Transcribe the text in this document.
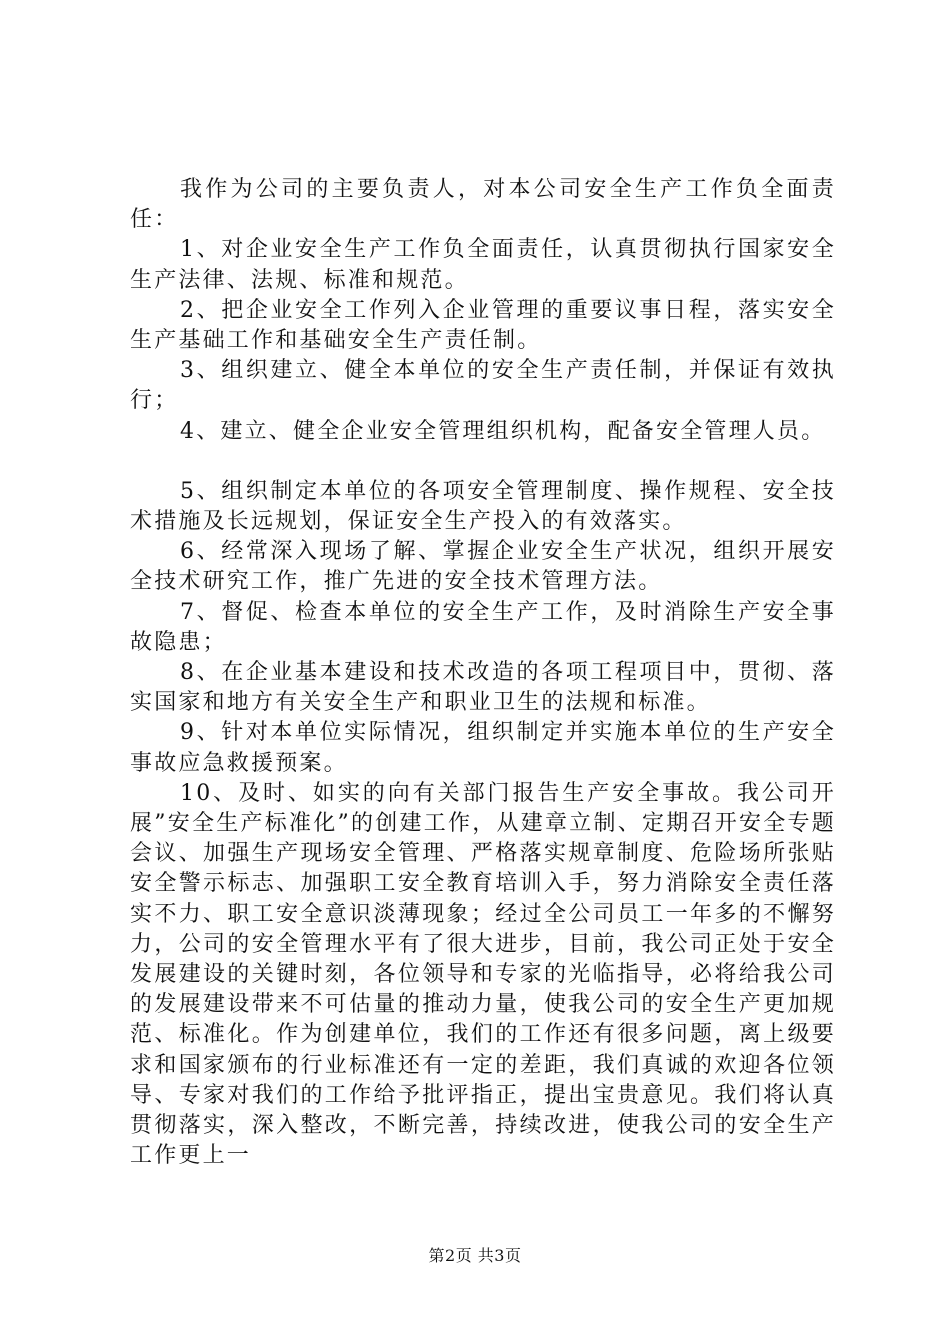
我作为公司的主要负责人，对本公司安全生产工作负全面责任：

1、对企业安全生产工作负全面责任，认真贯彻执行国家安全生产法律、法规、标准和规范。

2、把企业安全工作列入企业管理的重要议事日程，落实安全生产基础工作和基础安全生产责任制。

3、组织建立、健全本单位的安全生产责任制，并保证有效执行；

4、建立、健全企业安全管理组织机构，配备安全管理人员。

5、组织制定本单位的各项安全管理制度、操作规程、安全技术措施及长远规划，保证安全生产投入的有效落实。

6、经常深入现场了解、掌握企业安全生产状况，组织开展安全技术研究工作，推广先进的安全技术管理方法。

7、督促、检查本单位的安全生产工作，及时消除生产安全事故隐患；

8、在企业基本建设和技术改造的各项工程项目中，贯彻、落实国家和地方有关安全生产和职业卫生的法规和标准。

9、针对本单位实际情况，组织制定并实施本单位的生产安全事故应急救援预案。

10、及时、如实的向有关部门报告生产安全事故。我公司开展”安全生产标准化”的创建工作，从建章立制、定期召开安全专题会议、加强生产现场安全管理、严格落实规章制度、危险场所张贴安全警示标志、加强职工安全教育培训入手，努力消除安全责任落实不力、职工安全意识淡薄现象；经过全公司员工一年多的不懈努力，公司的安全管理水平有了很大进步，目前，我公司正处于安全发展建设的关键时刻，各位领导和专家的光临指导，必将给我公司的发展建设带来不可估量的推动力量，使我公司的安全生产更加规范、标准化。作为创建单位，我们的工作还有很多问题，离上级要求和国家颁布的行业标准还有一定的差距，我们真诚的欢迎各位领导、专家对我们的工作给予批评指正，提出宝贵意见。我们将认真贯彻落实，深入整改，不断完善，持续改进，使我公司的安全生产工作更上一

第2页 共3页
